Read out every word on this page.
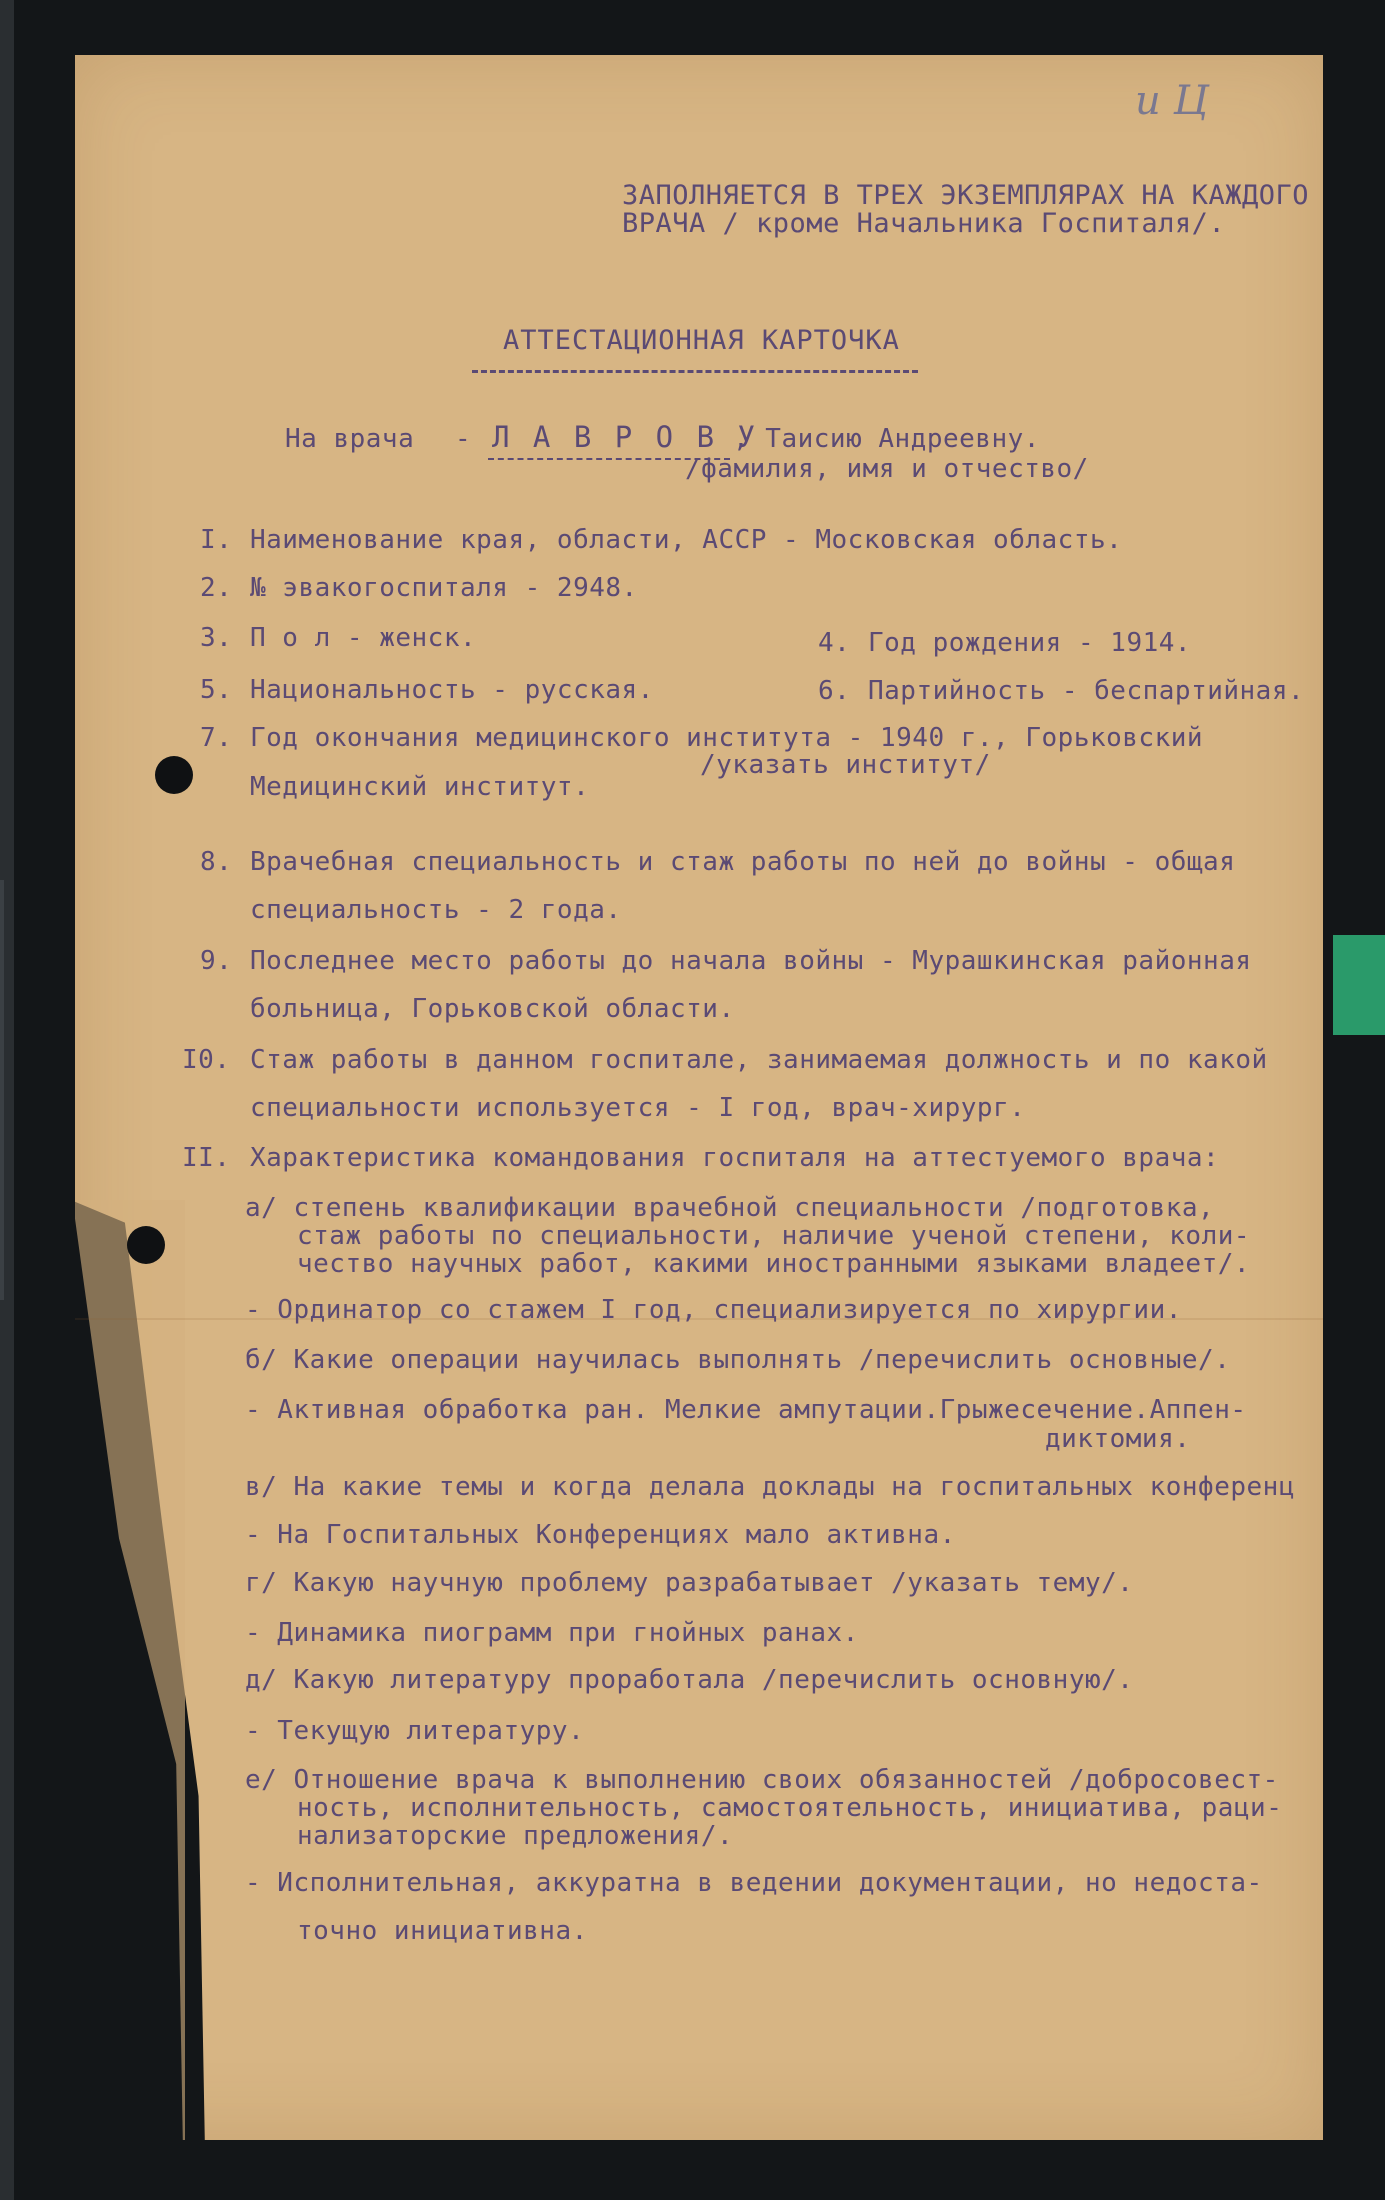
и Ц
ЗАПОЛНЯЕТСЯ В ТРЕХ ЭКЗЕМПЛЯРАХ НА КАЖДОГО
ВРАЧА / кроме Начальника Госпиталя/.
АТТЕСТАЦИОННАЯ КАРТОЧКА
На врача - Л А В Р О В У
, Таисию Андреевну.
/фамилия, имя и отчество/
I. Наименование края, области, АССР - Московская область.
2. № эвакогоспиталя - 2948.
3. П о л - женск.	4. Год рождения - 1914.
5. Национальность - русская.	6. Партийность - беспартийная.
7. Год окончания медицинского института - 1940 г., Горьковский
/указать институт/
Медицинский институт.
8. Врачебная специальность и стаж работы по ней до войны - общая
специальность - 2 года.
9. Последнее место работы до начала войны - Мурашкинская районная
больница, Горьковской области.
I0. Стаж работы в данном госпитале, занимаемая должность и по какой
специальности используется - I год, врач-хирург.
II. Характеристика командования госпиталя на аттестуемого врача:
а/ степень квалификации врачебной специальности /подготовка,
стаж работы по специальности, наличие ученой степени, коли-
чество научных работ, какими иностранными языками владеет/.
- Ординатор со стажем I год, специализируется по хирургии.
б/ Какие операции научилась выполнять /перечислить основные/.
- Активная обработка ран. Мелкие ампутации.Грыжесечение.Аппен-
диктомия.
в/ На какие темы и когда делала доклады на госпитальных конференц
- На Госпитальных Конференциях мало активна.
г/ Какую научную проблему разрабатывает /указать тему/.
- Динамика пиограмм при гнойных ранах.
д/ Какую литературу проработала /перечислить основную/.
- Текущую литературу.
е/ Отношение врача к выполнению своих обязанностей /добросовест-
ность, исполнительность, самостоятельность, инициатива, раци-
нализаторские предложения/.
- Исполнительная, аккуратна в ведении документации, но недоста-
точно инициативна.
